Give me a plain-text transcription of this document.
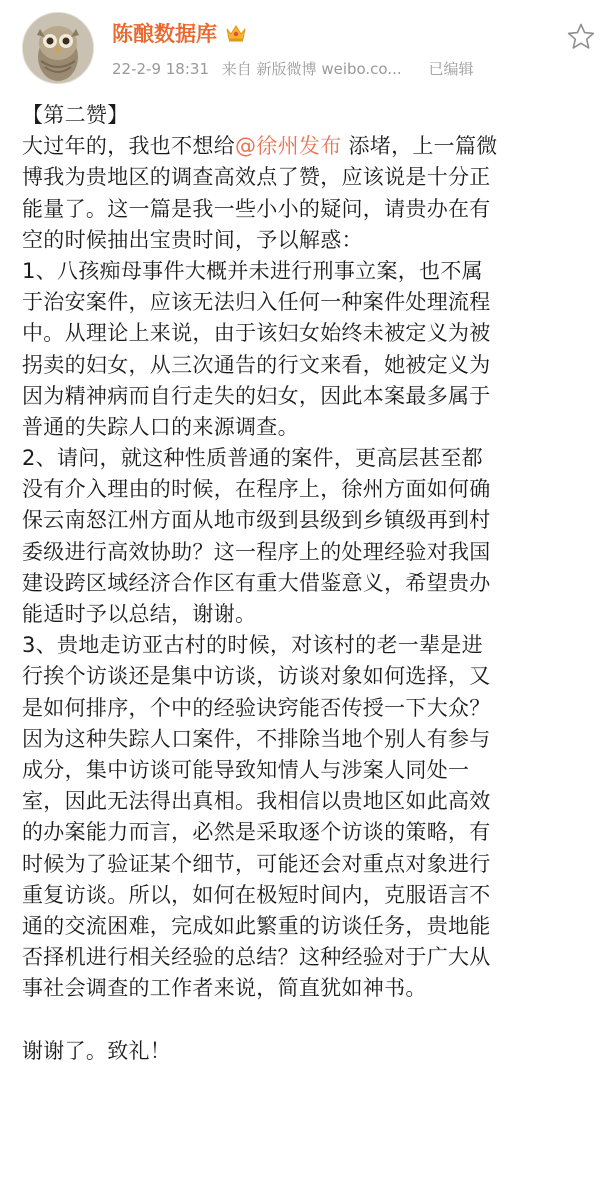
陈酿数据库
22-2-9 18:31 来自 新版微博 weibo.co... 已编辑
【第二赞】
大过年的，我也不想给@徐州发布 添堵，上一篇微
博我为贵地区的调查高效点了赞，应该说是十分正
能量了。这一篇是我一些小小的疑问，请贵办在有
空的时候抽出宝贵时间，予以解惑：
1、八孩痴母事件大概并未进行刑事立案，也不属
于治安案件，应该无法归入任何一种案件处理流程
中。从理论上来说，由于该妇女始终未被定义为被
拐卖的妇女，从三次通告的行文来看，她被定义为
因为精神病而自行走失的妇女，因此本案最多属于
普通的失踪人口的来源调查。
2、请问，就这种性质普通的案件，更高层甚至都
没有介入理由的时候，在程序上，徐州方面如何确
保云南怒江州方面从地市级到县级到乡镇级再到村
委级进行高效协助？这一程序上的处理经验对我国
建设跨区域经济合作区有重大借鉴意义，希望贵办
能适时予以总结，谢谢。
3、贵地走访亚古村的时候，对该村的老一辈是进
行挨个访谈还是集中访谈，访谈对象如何选择，又
是如何排序，个中的经验诀窍能否传授一下大众？
因为这种失踪人口案件，不排除当地个别人有参与
成分，集中访谈可能导致知情人与涉案人同处一
室，因此无法得出真相。我相信以贵地区如此高效
的办案能力而言，必然是采取逐个访谈的策略，有
时候为了验证某个细节，可能还会对重点对象进行
重复访谈。所以，如何在极短时间内，克服语言不
通的交流困难，完成如此繁重的访谈任务，贵地能
否择机进行相关经验的总结？这种经验对于广大从
事社会调查的工作者来说，简直犹如神书。
谢谢了。致礼！
